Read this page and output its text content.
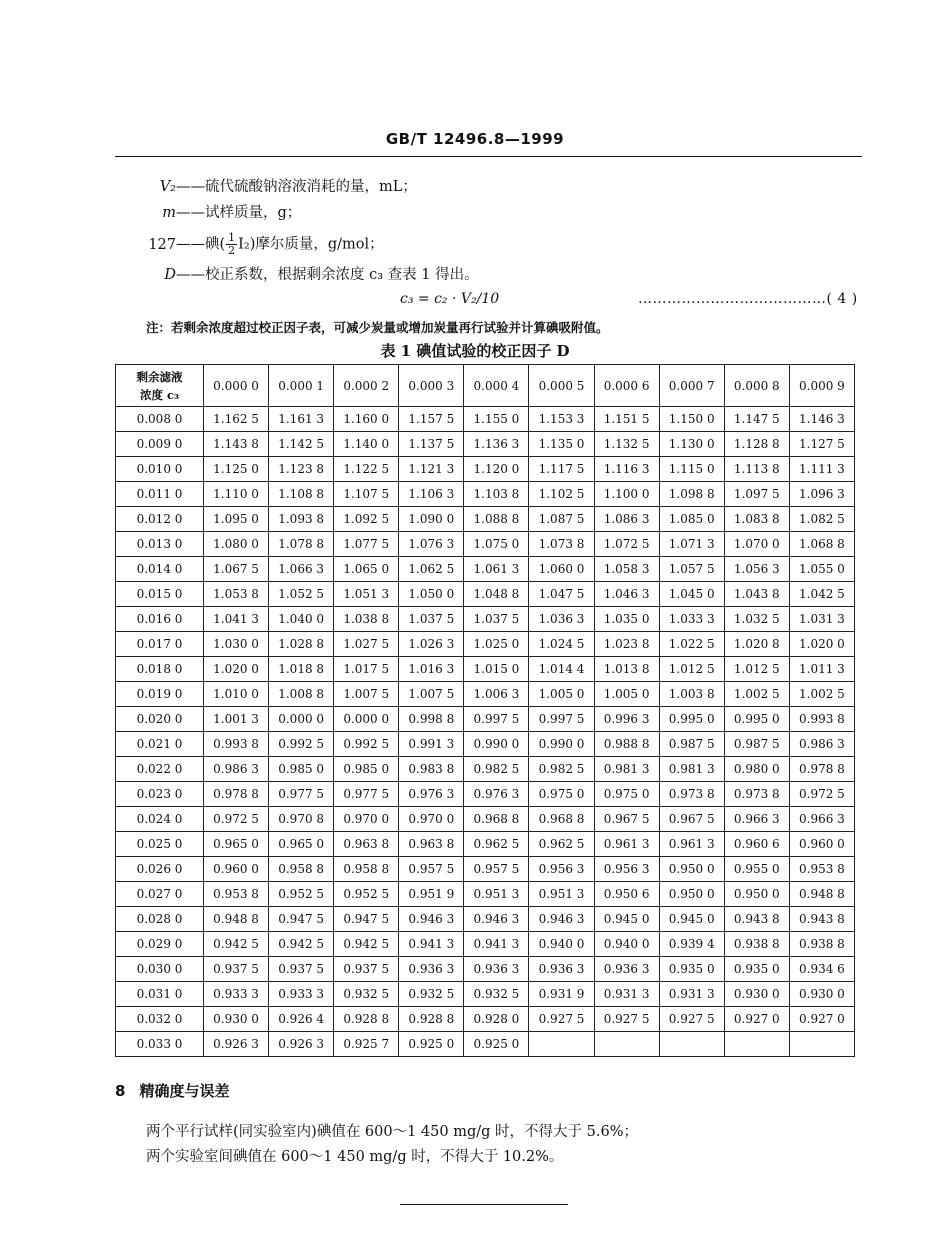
GB/T 12496.8—1999
V₂——硫代硫酸钠溶液消耗的量，mL；
m——试样质量，g；
127——碘( $\frac{1}{2} I_2$)摩尔质量，g/mol；
D——校正系数，根据剩余浓度 c₃ 查表 1 得出。
c₃ = c₂ · V₂/10	…………………………………( 4 )
注：若剩余浓度超过校正因子表，可减少炭量或增加炭量再行试验并计算碘吸附值。
表 1 碘值试验的校正因子 D
剩余滤液
浓度 c₃	0.000 0	0.000 1	0.000 2	0.000 3	0.000 4	0.000 5	0.000 6	0.000 7	0.000 8	0.000 9
0.008 0	1.162 5	1.161 3	1.160 0	1.157 5	1.155 0	1.153 3	1.151 5	1.150 0	1.147 5	1.146 3
0.009 0	1.143 8	1.142 5	1.140 0	1.137 5	1.136 3	1.135 0	1.132 5	1.130 0	1.128 8	1.127 5
0.010 0	1.125 0	1.123 8	1.122 5	1.121 3	1.120 0	1.117 5	1.116 3	1.115 0	1.113 8	1.111 3
0.011 0	1.110 0	1.108 8	1.107 5	1.106 3	1.103 8	1.102 5	1.100 0	1.098 8	1.097 5	1.096 3
0.012 0	1.095 0	1.093 8	1.092 5	1.090 0	1.088 8	1.087 5	1.086 3	1.085 0	1.083 8	1.082 5
0.013 0	1.080 0	1.078 8	1.077 5	1.076 3	1.075 0	1.073 8	1.072 5	1.071 3	1.070 0	1.068 8
0.014 0	1.067 5	1.066 3	1.065 0	1.062 5	1.061 3	1.060 0	1.058 3	1.057 5	1.056 3	1.055 0
0.015 0	1.053 8	1.052 5	1.051 3	1.050 0	1.048 8	1.047 5	1.046 3	1.045 0	1.043 8	1.042 5
0.016 0	1.041 3	1.040 0	1.038 8	1.037 5	1.037 5	1.036 3	1.035 0	1.033 3	1.032 5	1.031 3
0.017 0	1.030 0	1.028 8	1.027 5	1.026 3	1.025 0	1.024 5	1.023 8	1.022 5	1.020 8	1.020 0
0.018 0	1.020 0	1.018 8	1.017 5	1.016 3	1.015 0	1.014 4	1.013 8	1.012 5	1.012 5	1.011 3
0.019 0	1.010 0	1.008 8	1.007 5	1.007 5	1.006 3	1.005 0	1.005 0	1.003 8	1.002 5	1.002 5
0.020 0	1.001 3	0.000 0	0.000 0	0.998 8	0.997 5	0.997 5	0.996 3	0.995 0	0.995 0	0.993 8
0.021 0	0.993 8	0.992 5	0.992 5	0.991 3	0.990 0	0.990 0	0.988 8	0.987 5	0.987 5	0.986 3
0.022 0	0.986 3	0.985 0	0.985 0	0.983 8	0.982 5	0.982 5	0.981 3	0.981 3	0.980 0	0.978 8
0.023 0	0.978 8	0.977 5	0.977 5	0.976 3	0.976 3	0.975 0	0.975 0	0.973 8	0.973 8	0.972 5
0.024 0	0.972 5	0.970 8	0.970 0	0.970 0	0.968 8	0.968 8	0.967 5	0.967 5	0.966 3	0.966 3
0.025 0	0.965 0	0.965 0	0.963 8	0.963 8	0.962 5	0.962 5	0.961 3	0.961 3	0.960 6	0.960 0
0.026 0	0.960 0	0.958 8	0.958 8	0.957 5	0.957 5	0.956 3	0.956 3	0.950 0	0.955 0	0.953 8
0.027 0	0.953 8	0.952 5	0.952 5	0.951 9	0.951 3	0.951 3	0.950 6	0.950 0	0.950 0	0.948 8
0.028 0	0.948 8	0.947 5	0.947 5	0.946 3	0.946 3	0.946 3	0.945 0	0.945 0	0.943 8	0.943 8
0.029 0	0.942 5	0.942 5	0.942 5	0.941 3	0.941 3	0.940 0	0.940 0	0.939 4	0.938 8	0.938 8
0.030 0	0.937 5	0.937 5	0.937 5	0.936 3	0.936 3	0.936 3	0.936 3	0.935 0	0.935 0	0.934 6
0.031 0	0.933 3	0.933 3	0.932 5	0.932 5	0.932 5	0.931 9	0.931 3	0.931 3	0.930 0	0.930 0
0.032 0	0.930 0	0.926 4	0.928 8	0.928 8	0.928 0	0.927 5	0.927 5	0.927 5	0.927 0	0.927 0
0.033 0	0.926 3	0.926 3	0.925 7	0.925 0	0.925 0					
8 精确度与误差
两个平行试样(同实验室内)碘值在 600～1 450 mg/g 时，不得大于 5.6%；
两个实验室间碘值在 600～1 450 mg/g 时，不得大于 10.2%。
